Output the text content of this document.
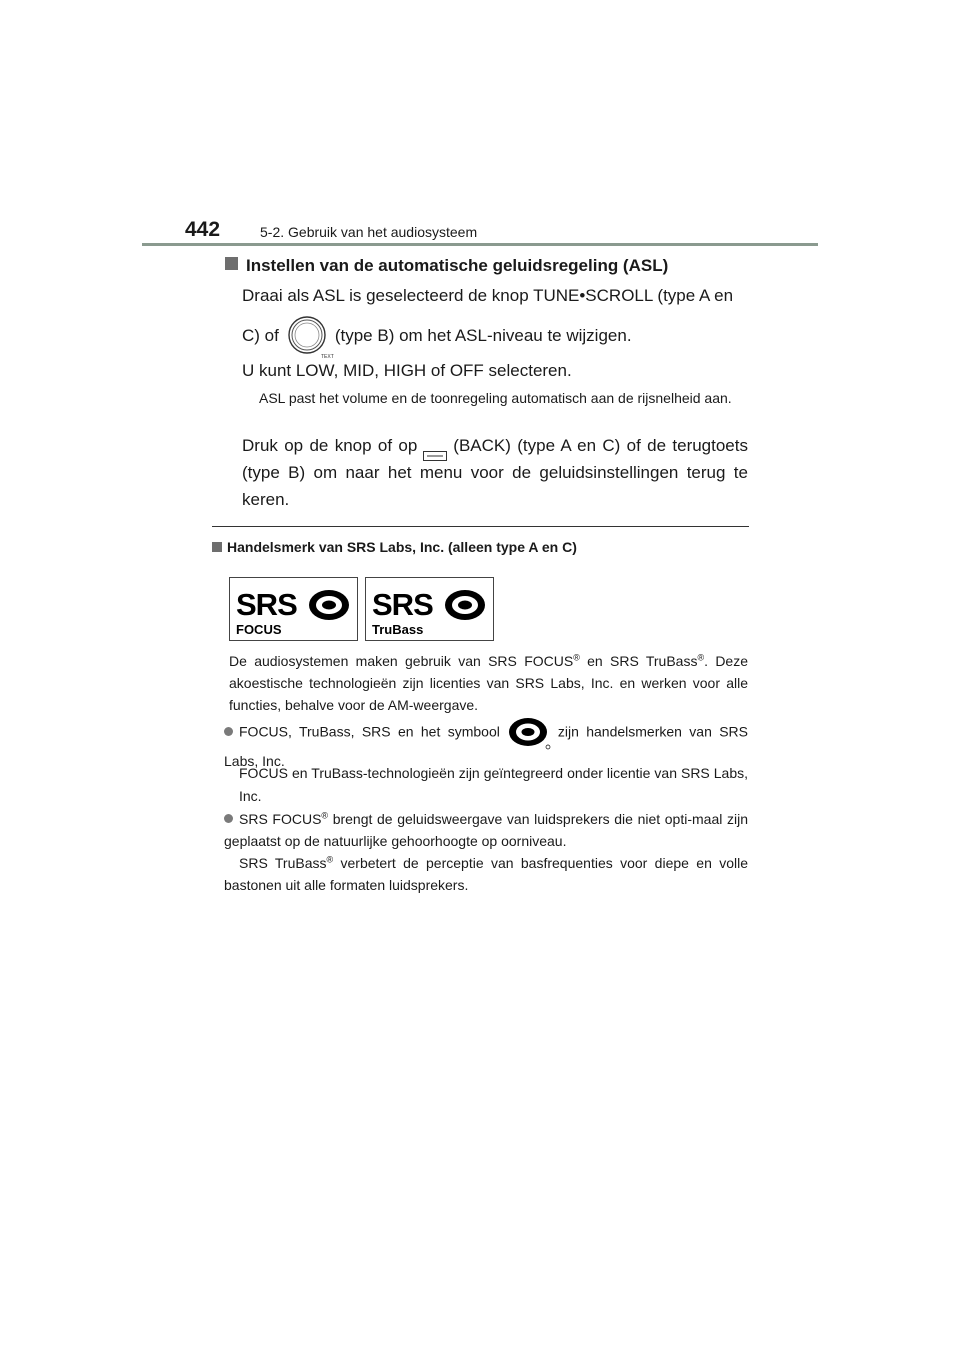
442	5-2. Gebruik van het audiosysteem
Instellen van de automatische geluidsregeling (ASL)
Draai als ASL is geselecteerd de knop TUNE•SCROLL (type A en
C) of
TEXT
(type B) om het ASL-niveau te wijzigen.
U kunt LOW, MID, HIGH of OFF selecteren.
ASL past het volume en de toonregeling automatisch aan de rijsnelheid aan.
Druk op de knop of op (BACK) (type A en C) of de terugtoets (type B) om naar het menu voor de geluidsinstellingen terug te keren.
Handelsmerk van SRS Labs, Inc. (alleen type A en C)
SRS
FOCUS
SRS
TruBass
De audiosystemen maken gebruik van SRS FOCUS® en SRS TruBass®. Deze akoestische technologieën zijn licenties van SRS Labs, Inc. en werken voor alle functies, behalve voor de AM-weergave.
FOCUS, TruBass, SRS en het symbool	zijn handelsmerken van SRS Labs, Inc.
FOCUS en TruBass-technologieën zijn geïntegreerd onder licentie van SRS Labs, Inc.
SRS FOCUS® brengt de geluidsweergave van luidsprekers die niet opti-maal zijn geplaatst op de natuurlijke gehoorhoogte op oorniveau.
SRS TruBass® verbetert de perceptie van basfrequenties voor diepe en volle bastonen uit alle formaten luidsprekers.
